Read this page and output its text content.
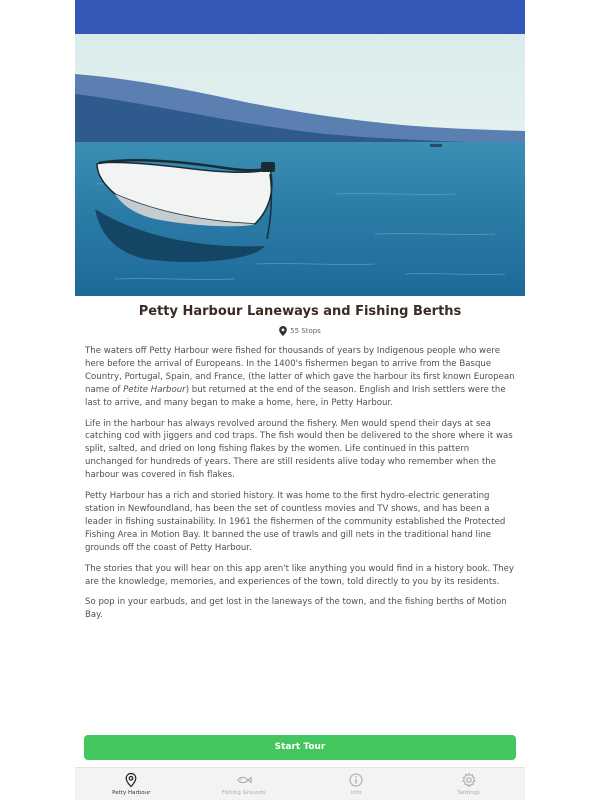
Petty Harbour Laneways and Fishing Berths
55 Stops

The waters off Petty Harbour were fished for thousands of years by Indigenous people who were here before the arrival of Europeans. In the 1400's fishermen began to arrive from the Basque Country, Portugal, Spain, and France, (the latter of which gave the harbour its first known European name of Petite Harbour) but returned at the end of the season. English and Irish settlers were the last to arrive, and many began to make a home, here, in Petty Harbour.

Life in the harbour has always revolved around the fishery. Men would spend their days at sea catching cod with jiggers and cod traps. The fish would then be delivered to the shore where it was split, salted, and dried on long fishing flakes by the women. Life continued in this pattern unchanged for hundreds of years. There are still residents alive today who remember when the harbour was covered in fish flakes.

Petty Harbour has a rich and storied history. It was home to the first hydro-electric generating station in Newfoundland, has been the set of countless movies and TV shows, and has been a leader in fishing sustainability. In 1961 the fishermen of the community established the Protected Fishing Area in Motion Bay. It banned the use of trawls and gill nets in the traditional hand line grounds off the coast of Petty Harbour.

The stories that you will hear on this app aren't like anything you would find in a history book. They are the knowledge, memories, and experiences of the town, told directly to you by its residents.

So pop in your earbuds, and get lost in the laneways of the town, and the fishing berths of Motion Bay.

Start Tour
Petty Harbour	Fishing Grounds	Info	Settings
